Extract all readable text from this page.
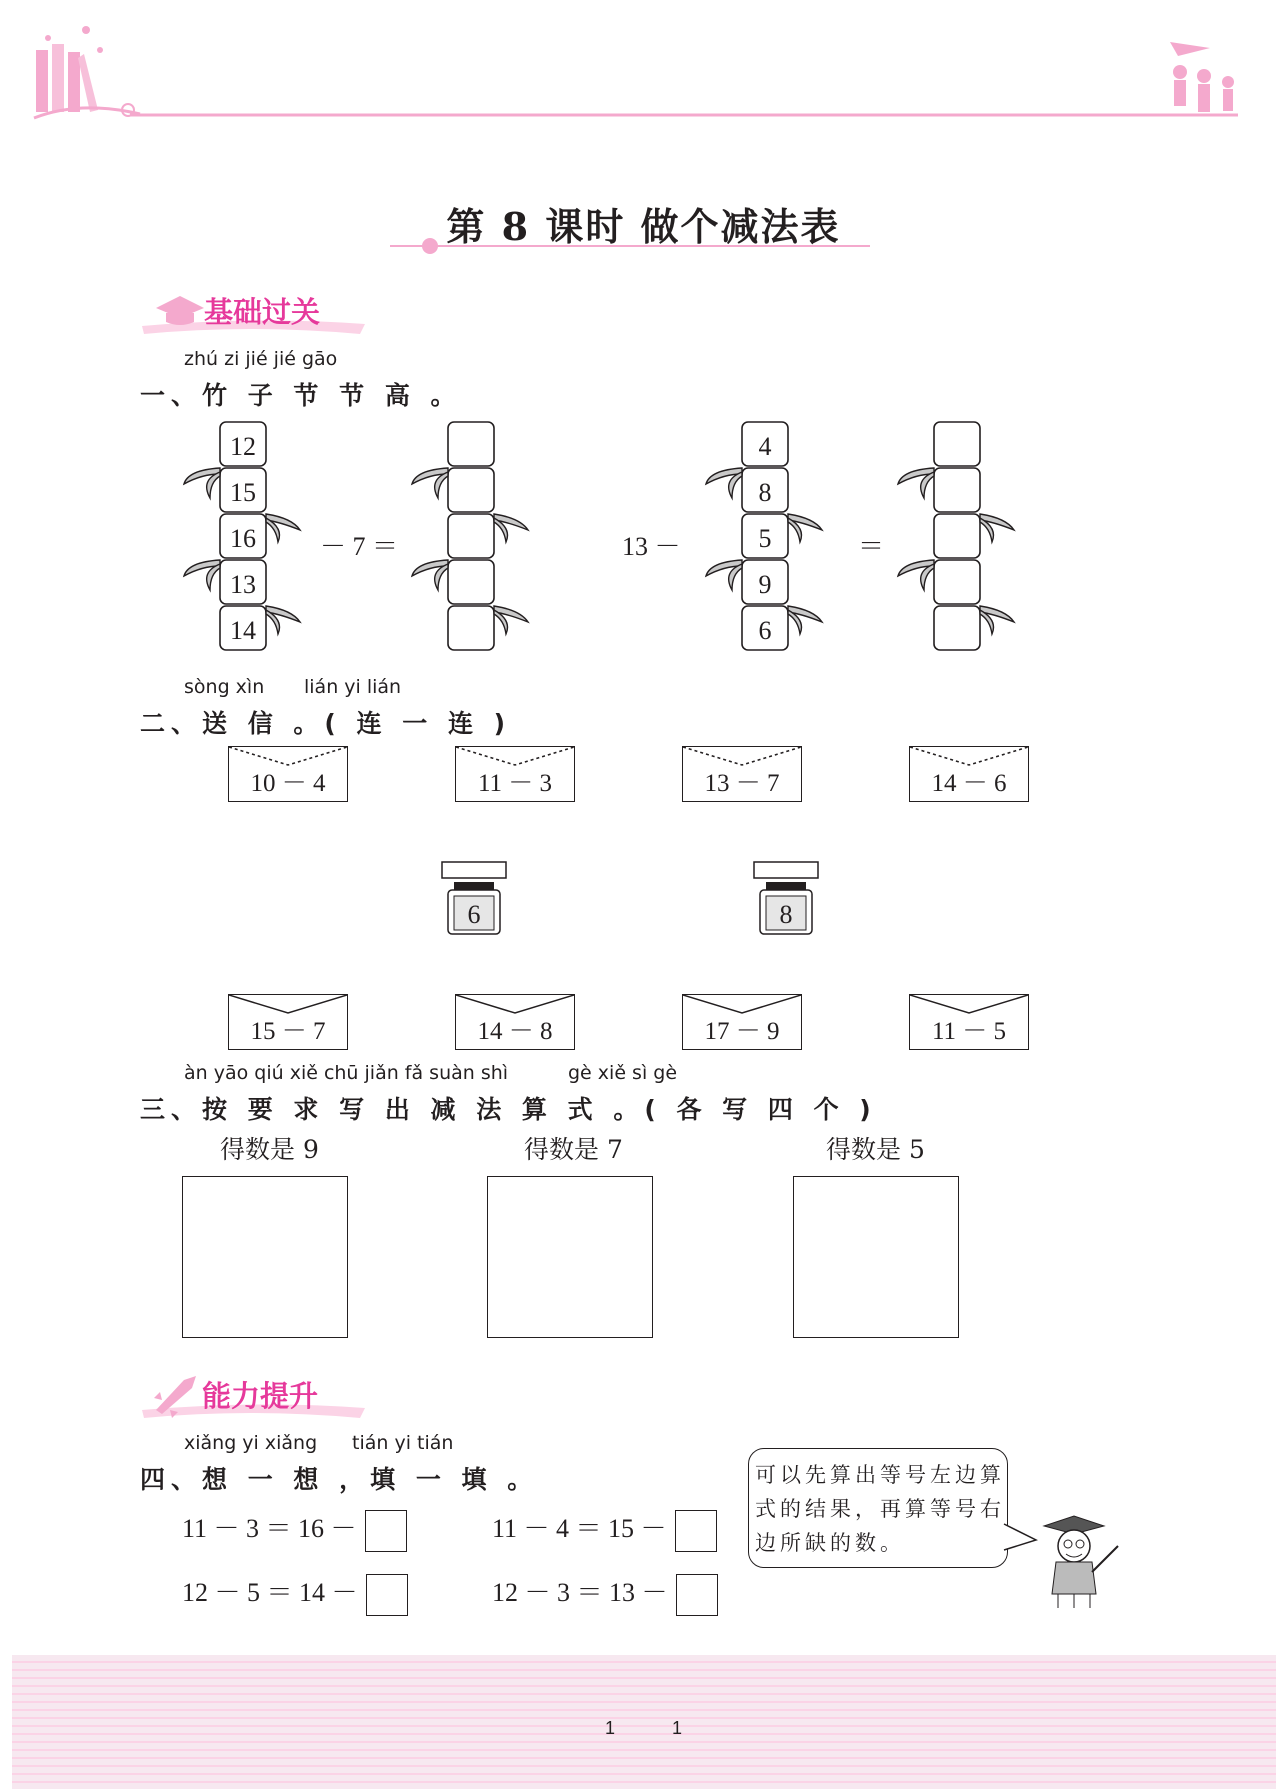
第 8 课时 做个减法表
基础过关
zhú zi jié jié gāo
一、竹 子 节 节 高 。
12
15
16
13
14
－ 7 ＝	13 －
4
8
5
9
6
＝
sòng xìn lián yi lián
二、送 信 。( 连 一 连 )
10 － 4	11 － 3	13 － 7	14 － 6
6	8
15 － 7	14 － 8	17 － 9	11 － 5
àn yāo qiú xiě chū jiǎn fǎ suàn shì	gè xiě sì gè
三、按 要 求 写 出 减 法 算 式 。( 各 写 四 个 )
得数是 9	得数是 7	得数是 5
能力提升
xiǎng yi xiǎng tián yi tián
四、想 一 想 ，填 一 填 。
11 － 3 ＝ 16 －	11 － 4 ＝ 15 －
12 － 5 ＝ 14 －	12 － 3 ＝ 13 －
可以先算出等号左边算式的结果，再算等号右边所缺的数。
1	1
